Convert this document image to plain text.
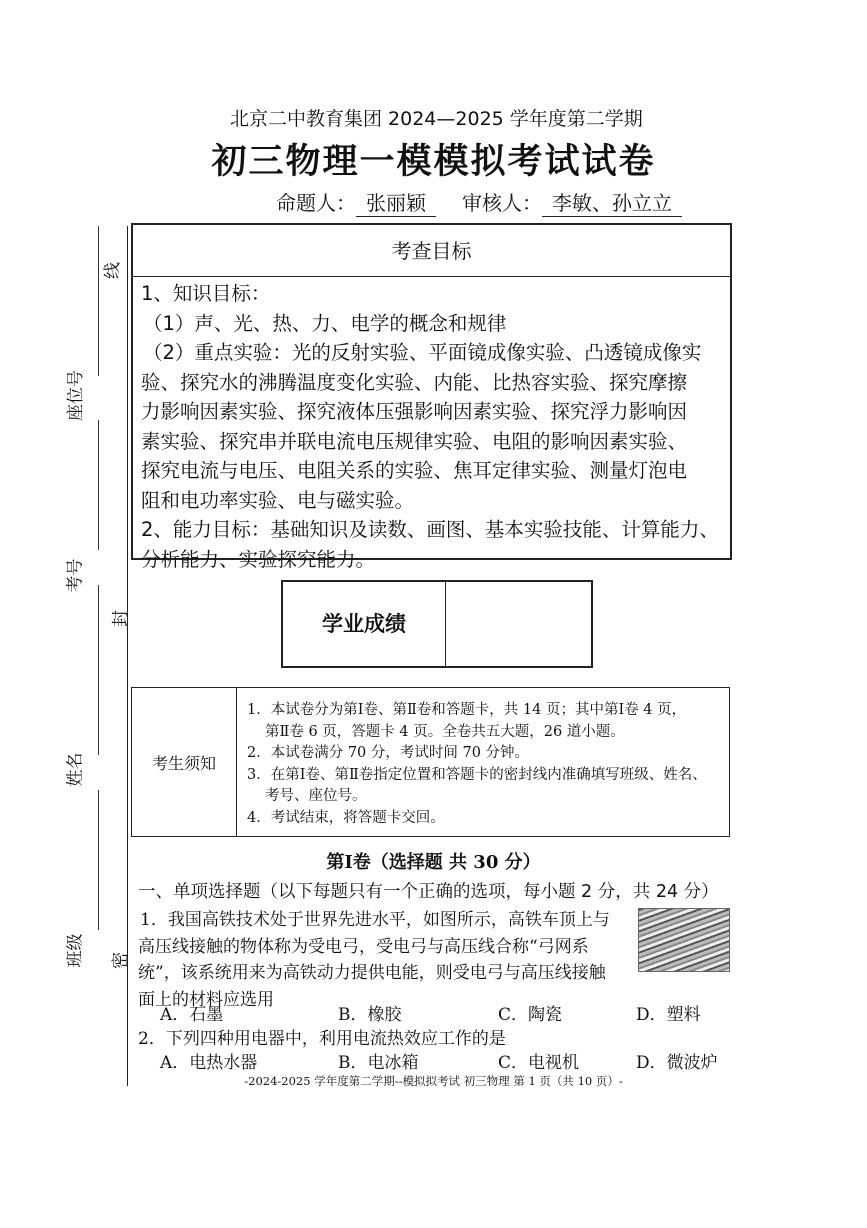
线
座位号
考号
封
姓名
班级 密
北京二中教育集团 2024—2025 学年度第二学期
初三物理一模模拟考试试卷
命题人： 张丽颖 审核人： 李敏、孙立立
考查目标

1、知识目标：

（1）声、光、热、力、电学的概念和规律

（2）重点实验：光的反射实验、平面镜成像实验、凸透镜成像实

验、探究水的沸腾温度变化实验、内能、比热容实验、探究摩擦

力影响因素实验、探究液体压强影响因素实验、探究浮力影响因

素实验、探究串并联电流电压规律实验、电阻的影响因素实验、

探究电流与电压、电阻关系的实验、焦耳定律实验、测量灯泡电

阻和电功率实验、电与磁实验。

2、能力目标：基础知识及读数、画图、基本实验技能、计算能力、

分析能力、实验探究能力。

学业成绩
考生须知
1．本试卷分为第Ⅰ卷、第Ⅱ卷和答题卡，共 14 页；其中第Ⅰ卷 4 页，
第Ⅱ卷 6 页，答题卡 4 页。全卷共五大题，26 道小题。
2．本试卷满分 70 分，考试时间 70 分钟。
3．在第Ⅰ卷、第Ⅱ卷指定位置和答题卡的密封线内准确填写班级、姓名、
考号、座位号。
4．考试结束，将答题卡交回。
第Ⅰ卷（选择题 共 30 分）
一、单项选择题（以下每题只有一个正确的选项，每小题 2 分，共 24 分）

1．我国高铁技术处于世界先进水平，如图所示，高铁车顶上与

高压线接触的物体称为受电弓，受电弓与高压线合称“弓网系

统”，该系统用来为高铁动力提供电能，则受电弓与高压线接触

面上的材料应选用

A．石墨	B．橡胶	C．陶瓷	D．塑料
2．下列四种用电器中，利用电流热效应工作的是
A．电热水器	B．电冰箱	C．电视机	D．微波炉
-2024-2025 学年度第二学期--模拟拟考试 初三物理 第 1 页（共 10 页）-
